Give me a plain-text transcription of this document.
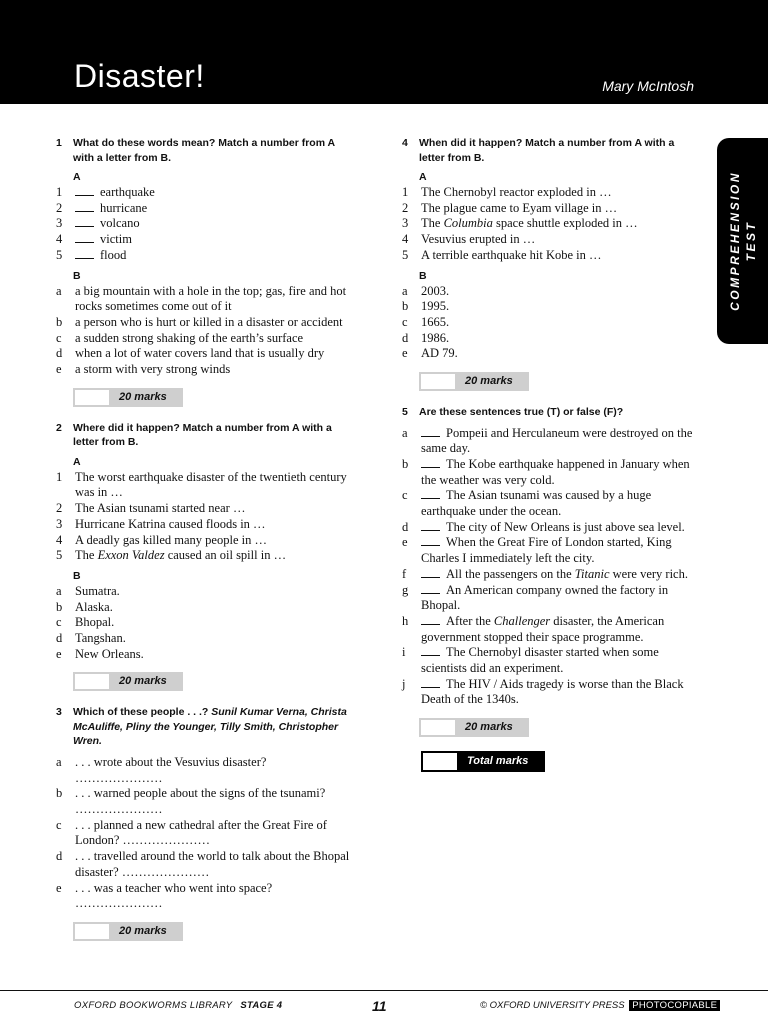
Disaster!	Mary McIntosh
COMPREHENSION TEST
1	What do these words mean? Match a number from A with a letter from B.
A
1	earthquake
2	hurricane
3	volcano
4	victim
5	flood
B
a	a big mountain with a hole in the top; gas, fire and hot rocks sometimes come out of it
b	a person who is hurt or killed in a disaster or accident
c	a sudden strong shaking of the earth’s surface
d	when a lot of water covers land that is usually dry
e	a storm with very strong winds
20 marks
2	Where did it happen? Match a number from A with a letter from B.
A
1	The worst earthquake disaster of the twentieth century was in …
2	The Asian tsunami started near …
3	Hurricane Katrina caused floods in …
4	A deadly gas killed many people in …
5	The Exxon Valdez caused an oil spill in …
B
a	Sumatra.
b	Alaska.
c	Bhopal.
d	Tangshan.
e	New Orleans.
20 marks
3	Which of these people . . .? Sunil Kumar Verna, Christa McAuliffe, Pliny the Younger, Tilly Smith, Christopher Wren.
a	. . . wrote about the Vesuvius disaster? …………………
b	. . . warned people about the signs of the tsunami? …………………
c	. . . planned a new cathedral after the Great Fire of London? …………………
d	. . . travelled around the world to talk about the Bhopal disaster? …………………
e	. . . was a teacher who went into space? …………………
20 marks
4	When did it happen? Match a number from A with a letter from B.
A
1	The Chernobyl reactor exploded in …
2	The plague came to Eyam village in …
3	The Columbia space shuttle exploded in …
4	Vesuvius erupted in …
5	A terrible earthquake hit Kobe in …
B
a	2003.
b	1995.
c	1665.
d	1986.
e	AD 79.
20 marks
5	Are these sentences true (T) or false (F)?
a	Pompeii and Herculaneum were destroyed on the same day.
b	The Kobe earthquake happened in January when the weather was very cold.
c	The Asian tsunami was caused by a huge earthquake under the ocean.
d	The city of New Orleans is just above sea level.
e	When the Great Fire of London started, King Charles I immediately left the city.
f	All the passengers on the Titanic were very rich.
g	An American company owned the factory in Bhopal.
h	After the Challenger disaster, the American government stopped their space programme.
i	The Chernobyl disaster started when some scientists did an experiment.
j	The HIV / Aids tragedy is worse than the Black Death of the 1340s.
20 marks
Total marks
OXFORD BOOKWORMS LIBRARY STAGE 4	11	© OXFORD UNIVERSITY PRESS PHOTOCOPIABLE
